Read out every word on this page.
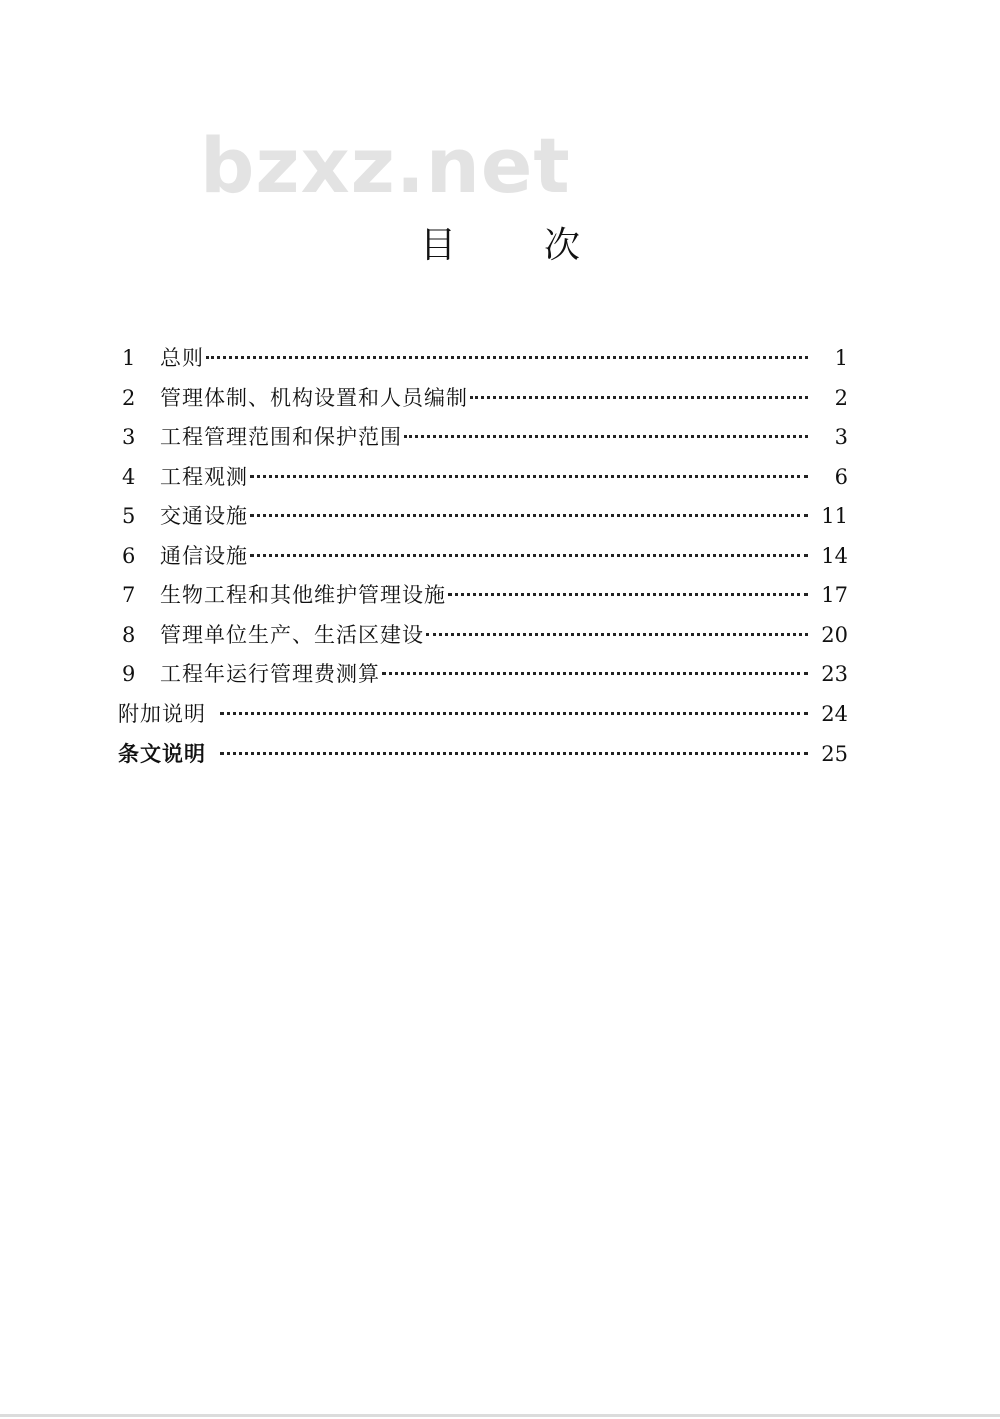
bzxz.net
目 次
1	总则	1
2	管理体制、机构设置和人员编制	2
3	工程管理范围和保护范围	3
4	工程观测	6
5	交通设施	11
6	通信设施	14
7	生物工程和其他维护管理设施	17
8	管理单位生产、生活区建设	20
9	工程年运行管理费测算	23
附加说明	24
条文说明	25
